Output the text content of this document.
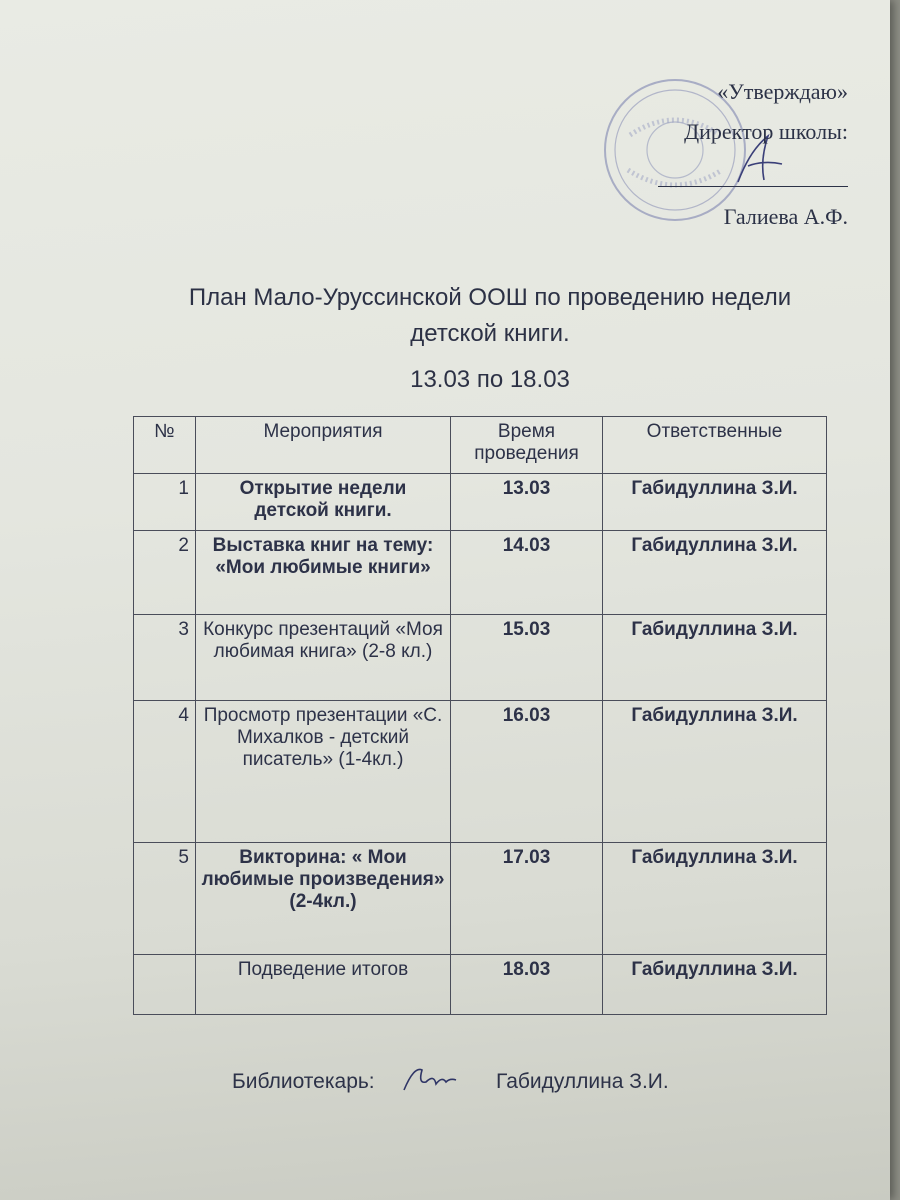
«Утверждаю»
Директор школы:
Галиева А.Ф.
План Мало-Уруссинской ООШ по проведению недели
детской книги.
13.03 по 18.03
№	Мероприятия	Время проведения	Ответственные
1	Открытие недели детской книги.	13.03	Габидуллина З.И.
2	Выставка книг на тему: «Мои любимые книги»	14.03	Габидуллина З.И.
3	Конкурс презентаций «Моя любимая книга» (2-8 кл.)	15.03	Габидуллина З.И.
4	Просмотр презентации «С. Михалков - детский писатель» (1-4кл.)	16.03	Габидуллина З.И.
5	Викторина: « Мои любимые произведения» (2-4кл.)	17.03	Габидуллина З.И.
	Подведение итогов	18.03	Габидуллина З.И.
Библиотекарь:	Габидуллина З.И.
